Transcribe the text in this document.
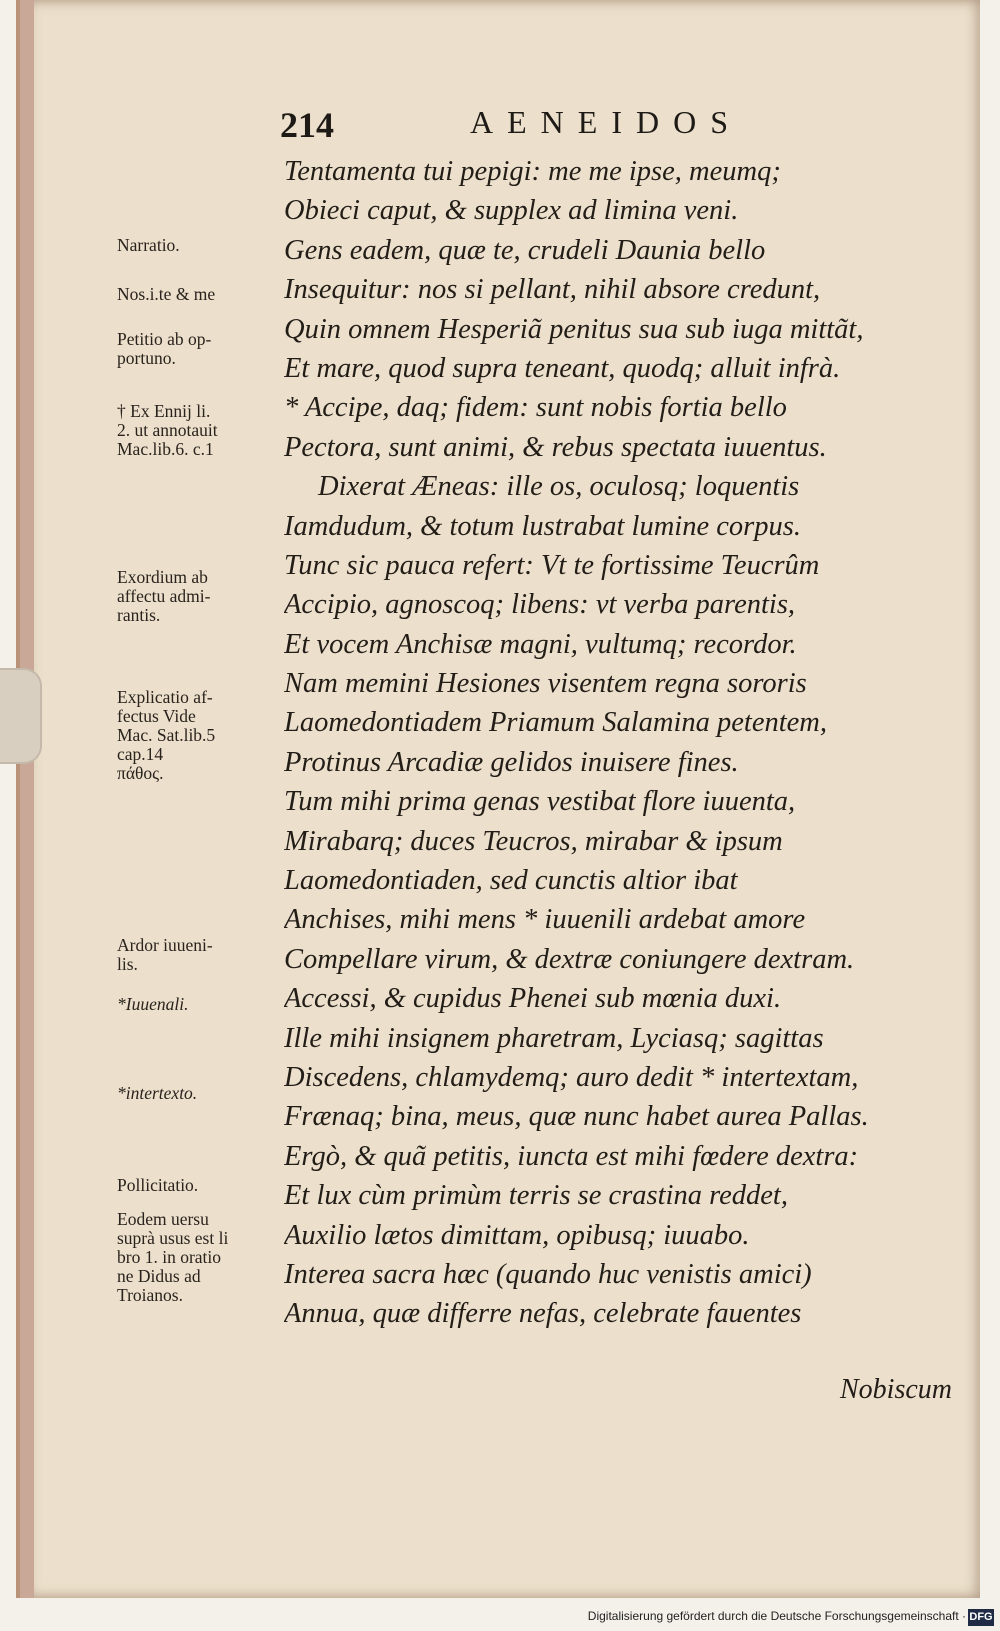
214	AENEIDOS
Tentamenta tui pepigi: me me ipse, meumq;
Obieci caput, & supplex ad limina veni.
Gens eadem, quæ te, crudeli Daunia bello
Insequitur: nos si pellant, nihil absore credunt,
Quin omnem Hesperiã penitus sua sub iuga mittãt,
Et mare, quod supra teneant, quodq; alluit infrà.
* Accipe, daq; fidem: sunt nobis fortia bello
Pectora, sunt animi, & rebus spectata iuuentus.
Dixerat Æneas: ille os, oculosq; loquentis
Iamdudum, & totum lustrabat lumine corpus.
Tunc sic pauca refert: Vt te fortissime Teucrûm
Accipio, agnoscoq; libens: vt verba parentis,
Et vocem Anchisæ magni, vultumq; recordor.
Nam memini Hesiones visentem regna sororis
Laomedontiadem Priamum Salamina petentem,
Protinus Arcadiæ gelidos inuisere fines.
Tum mihi prima genas vestibat flore iuuenta,
Mirabarq; duces Teucros, mirabar & ipsum
Laomedontiaden, sed cunctis altior ibat
Anchises, mihi mens * iuuenili ardebat amore
Compellare virum, & dextræ coniungere dextram.
Accessi, & cupidus Phenei sub mœnia duxi.
Ille mihi insignem pharetram, Lyciasq; sagittas
Discedens, chlamydemq; auro dedit * intertextam,
Frænaq; bina, meus, quæ nunc habet aurea Pallas.
Ergò, & quã petitis, iuncta est mihi fœdere dextra:
Et lux cùm primùm terris se crastina reddet,
Auxilio lætos dimittam, opibusq; iuuabo.
Interea sacra hæc (quando huc venistis amici)
Annua, quæ differre nefas, celebrate fauentes
Nobiscum
Narratio.
Nos.i.te & me
Petitio ab op-
portuno.
† Ex Ennij li.
2. ut annotauit
Mac.lib.6. c.1
Exordium ab
affectu admi-
rantis.
Explicatio af-
fectus Vide
Mac. Sat.lib.5
cap.14
πάθος.
Ardor iuueni-
lis.
*Iuuenali.
*intertexto.
Pollicitatio.
Eodem uersu
suprà usus est li
bro 1. in oratio
ne Didus ad
Troianos.
Digitalisierung gefördert durch die Deutsche Forschungsgemeinschaft · DFG
